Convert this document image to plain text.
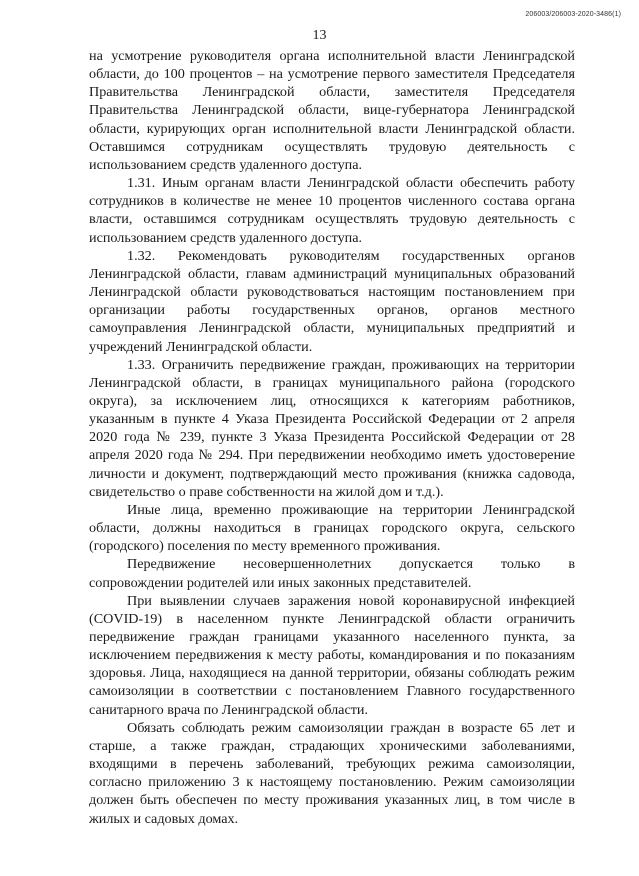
206003/206003-2020-3486(1)
13

на усмотрение руководителя органа исполнительной власти Ленинградской области, до 100 процентов – на усмотрение первого заместителя Председателя Правительства Ленинградской области, заместителя Председателя Правительства Ленинградской области, вице-губернатора Ленинградской области, курирующих орган исполнительной власти Ленинградской области. Оставшимся сотрудникам осуществлять трудовую деятельность с использованием средств удаленного доступа.

1.31. Иным органам власти Ленинградской области обеспечить работу сотрудников в количестве не менее 10 процентов численного состава органа власти, оставшимся сотрудникам осуществлять трудовую деятельность с использованием средств удаленного доступа.

1.32. Рекомендовать руководителям государственных органов Ленинградской области, главам администраций муниципальных образований Ленинградской области руководствоваться настоящим постановлением при организации работы государственных органов, органов местного самоуправления Ленинградской области, муниципальных предприятий и учреждений Ленинградской области.

1.33. Ограничить передвижение граждан, проживающих на территории Ленинградской области, в границах муниципального района (городского округа), за исключением лиц, относящихся к категориям работников, указанным в пункте 4 Указа Президента Российской Федерации от 2 апреля 2020 года № 239, пункте 3 Указа Президента Российской Федерации от 28 апреля 2020 года № 294. При передвижении необходимо иметь удостоверение личности и документ, подтверждающий место проживания (книжка садовода, свидетельство о праве собственности на жилой дом и т.д.).

Иные лица, временно проживающие на территории Ленинградской области, должны находиться в границах городского округа, сельского (городского) поселения по месту временного проживания.

Передвижение несовершеннолетних допускается только в сопровождении родителей или иных законных представителей.

При выявлении случаев заражения новой коронавирусной инфекцией (COVID-19) в населенном пункте Ленинградской области ограничить передвижение граждан границами указанного населенного пункта, за исключением передвижения к месту работы, командирования и по показаниям здоровья. Лица, находящиеся на данной территории, обязаны соблюдать режим самоизоляции в соответствии с постановлением Главного государственного санитарного врача по Ленинградской области.

Обязать соблюдать режим самоизоляции граждан в возрасте 65 лет и старше, а также граждан, страдающих хроническими заболеваниями, входящими в перечень заболеваний, требующих режима самоизоляции, согласно приложению 3 к настоящему постановлению. Режим самоизоляции должен быть обеспечен по месту проживания указанных лиц, в том числе в жилых и садовых домах.
